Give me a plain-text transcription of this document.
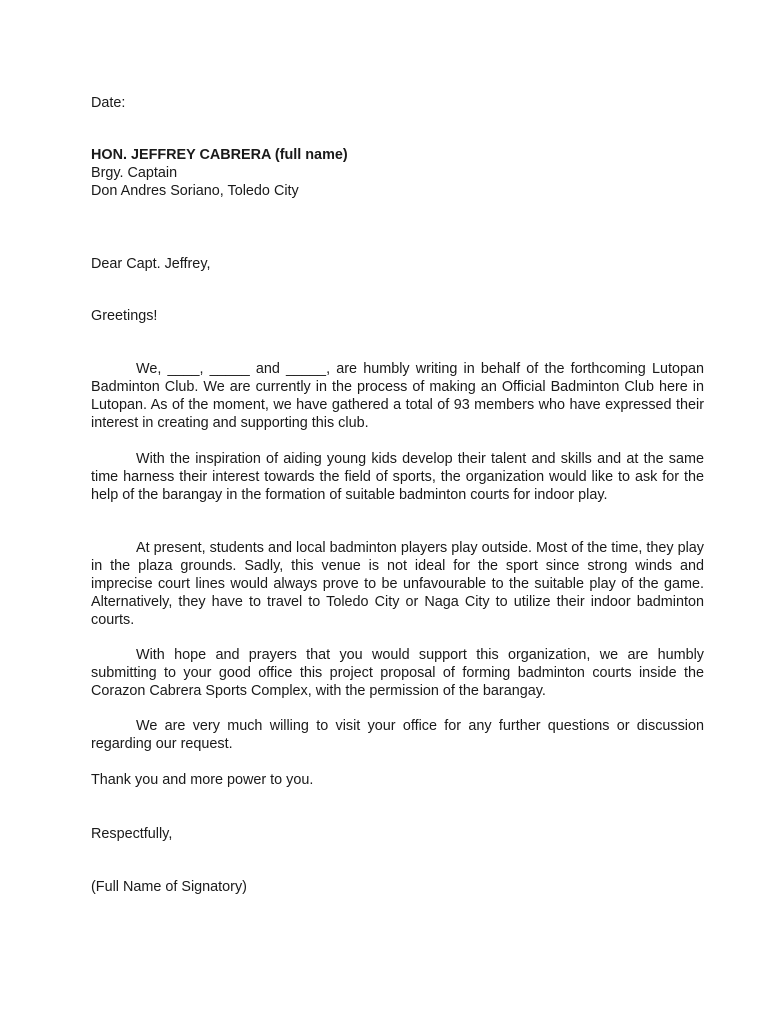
Date:
HON. JEFFREY CABRERA (full name)
Brgy. Captain
Don Andres Soriano, Toledo City
Dear Capt. Jeffrey,
Greetings!

We, ____, _____ and _____, are humbly writing in behalf of the forthcoming Lutopan Badminton Club. We are currently in the process of making an Official Badminton Club here in Lutopan. As of the moment, we have gathered a total of 93 members who have expressed their interest in creating and supporting this club.

With the inspiration of aiding young kids develop their talent and skills and at the same time harness their interest towards the field of sports, the organization would like to ask for the help of the barangay in the formation of suitable badminton courts for indoor play.

At present, students and local badminton players play outside. Most of the time, they play in the plaza grounds. Sadly, this venue is not ideal for the sport since strong winds and imprecise court lines would always prove to be unfavourable to the suitable play of the game. Alternatively, they have to travel to Toledo City or Naga City to utilize their indoor badminton courts.

With hope and prayers that you would support this organization, we are humbly submitting to your good office this project proposal of forming badminton courts inside the Corazon Cabrera Sports Complex, with the permission of the barangay.

We are very much willing to visit your office for any further questions or discussion regarding our request.

Thank you and more power to you.
Respectfully,
(Full Name of Signatory)
